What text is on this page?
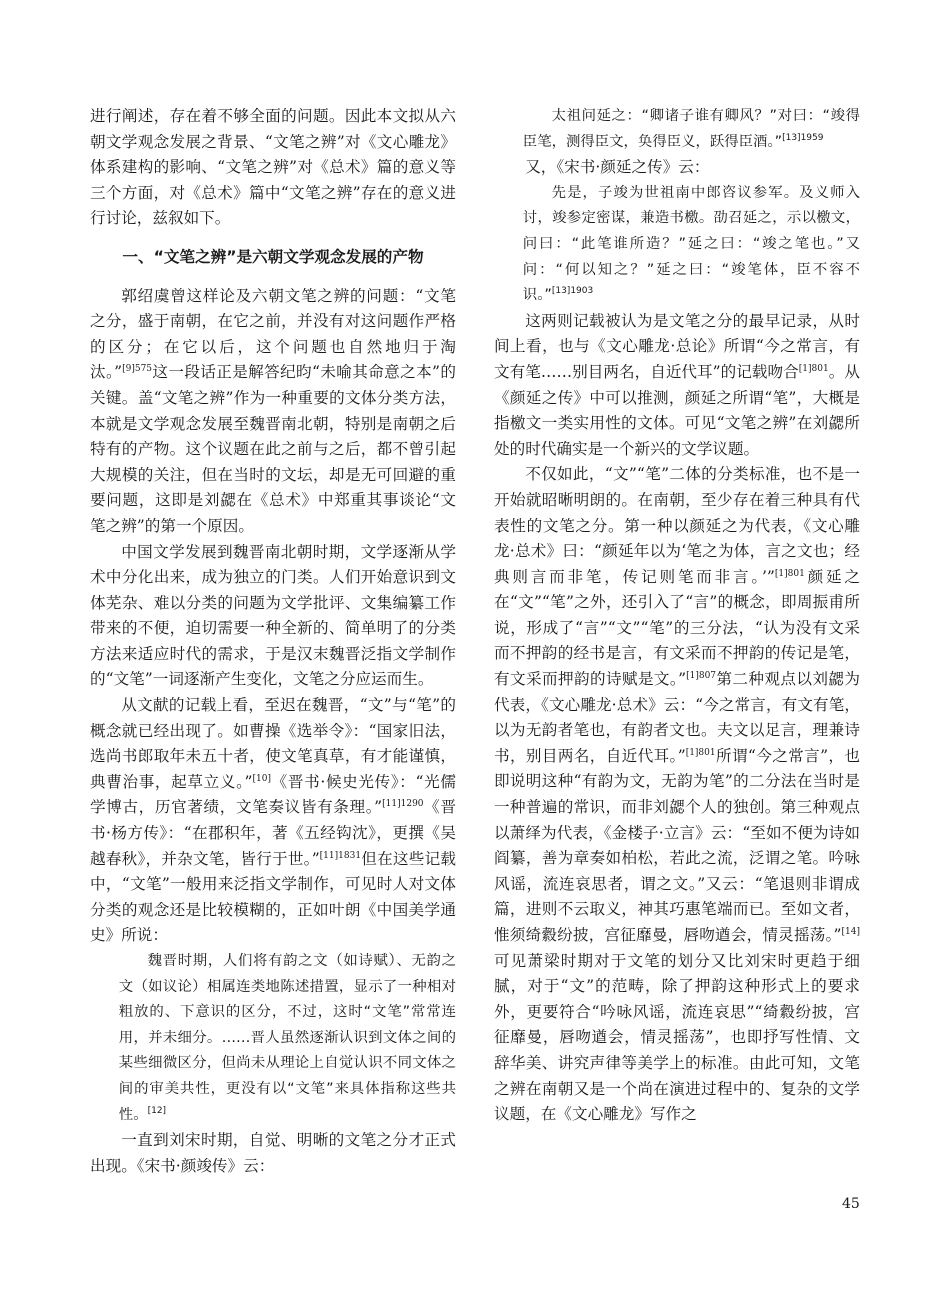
进行阐述，存在着不够全面的问题。因此本文拟从六朝文学观念发展之背景、“文笔之辨”对《文心雕龙》体系建构的影响、“文笔之辨”对《总术》篇的意义等三个方面，对《总术》篇中“文笔之辨”存在的意义进行讨论，兹叙如下。

一、“文笔之辨”是六朝文学观念发展的产物

郭绍虞曾这样论及六朝文笔之辨的问题：“文笔之分，盛于南朝，在它之前，并没有对这问题作严格的区分；在它以后，这个问题也自然地归于淘汰。”$^{[9]575}$这一段话正是解答纪昀“未喻其命意之本”的关键。盖“文笔之辨”作为一种重要的文体分类方法，本就是文学观念发展至魏晋南北朝，特别是南朝之后特有的产物。这个议题在此之前与之后，都不曾引起大规模的关注，但在当时的文坛，却是无可回避的重要问题，这即是刘勰在《总术》中郑重其事谈论“文笔之辨”的第一个原因。

中国文学发展到魏晋南北朝时期，文学逐渐从学术中分化出来，成为独立的门类。人们开始意识到文体芜杂、难以分类的问题为文学批评、文集编纂工作带来的不便，迫切需要一种全新的、简单明了的分类方法来适应时代的需求，于是汉末魏晋泛指文学制作的“文笔”一词逐渐产生变化，文笔之分应运而生。

从文献的记载上看，至迟在魏晋，“文”与“笔”的概念就已经出现了。如曹操《选举令》：“国家旧法，选尚书郎取年未五十者，使文笔真草，有才能谨慎，典曹治事，起草立义。”[10]《晋书·候史光传》：“光儒学博古，历官著绩，文笔奏议皆有条理。”$^{[11]1290}$《晋书·杨方传》：“在郡积年，著《五经钩沈》，更撰《吴越春秋》，并杂文笔，皆行于世。”$^{[11]1831}$但在这些记载中，“文笔”一般用来泛指文学制作，可见时人对文体分类的观念还是比较模糊的，正如叶朗《中国美学通史》所说：

魏晋时期，人们将有韵之文（如诗赋）、无韵之文（如议论）相属连类地陈述措置，显示了一种相对粗放的、下意识的区分，不过，这时“文笔”常常连用，并未细分。……晋人虽然逐渐认识到文体之间的某些细微区分，但尚未从理论上自觉认识不同文体之间的审美共性，更没有以“文笔”来具体指称这些共性。[12]

一直到刘宋时期，自觉、明晰的文笔之分才正式出现。《宋书·颜竣传》云：

太祖问延之：“卿诸子谁有卿风？”对曰：“竣得臣笔，测得臣文，奂得臣义，跃得臣酒。”$^{[13]1959}$

又，《宋书·颜延之传》云：

先是，子竣为世祖南中郎咨议参军。及义师入讨，竣参定密谋，兼造书檄。劭召延之，示以檄文，问曰：“此笔谁所造？”延之曰：“竣之笔也。”又问：“何以知之？”延之曰：“竣笔体，臣不容不识。”$^{[13]1903}$

这两则记载被认为是文笔之分的最早记录，从时间上看，也与《文心雕龙·总论》所谓“今之常言，有文有笔……别目两名，自近代耳”的记载吻合$^{[1]801}$。从《颜延之传》中可以推测，颜延之所谓“笔”，大概是指檄文一类实用性的文体。可见“文笔之辨”在刘勰所处的时代确实是一个新兴的文学议题。

不仅如此，“文”“笔”二体的分类标准，也不是一开始就昭晰明朗的。在南朝，至少存在着三种具有代表性的文笔之分。第一种以颜延之为代表，《文心雕龙·总术》曰：“颜延年以为‘笔之为体，言之文也；经典则言而非笔，传记则笔而非言。’”$^{[1]801}$颜延之在“文”“笔”之外，还引入了“言”的概念，即周振甫所说，形成了“言”“文”“笔”的三分法，“认为没有文采而不押韵的经书是言，有文采而不押韵的传记是笔，有文采而押韵的诗赋是文。”$^{[1]807}$第二种观点以刘勰为代表，《文心雕龙·总术》云：“今之常言，有文有笔，以为无韵者笔也，有韵者文也。夫文以足言，理兼诗书，别目两名，自近代耳。”$^{[1]801}$所谓“今之常言”，也即说明这种“有韵为文，无韵为笔”的二分法在当时是一种普遍的常识，而非刘勰个人的独创。第三种观点以萧绎为代表，《金楼子·立言》云：“至如不便为诗如阎纂，善为章奏如柏松，若此之流，泛谓之笔。吟咏风谣，流连哀思者，谓之文。”又云：“笔退则非谓成篇，进则不云取义，神其巧惠笔端而已。至如文者，惟须绮縠纷披，宫征靡曼，唇吻遒会，情灵摇荡。”[14]可见萧梁时期对于文笔的划分又比刘宋时更趋于细腻，对于“文”的范畴，除了押韵这种形式上的要求外，更要符合“吟咏风谣，流连哀思”“绮縠纷披，宫征靡曼，唇吻遒会，情灵摇荡”，也即抒写性情、文辞华美、讲究声律等美学上的标准。由此可知，文笔之辨在南朝又是一个尚在演进过程中的、复杂的文学议题，在《文心雕龙》写作之

45
